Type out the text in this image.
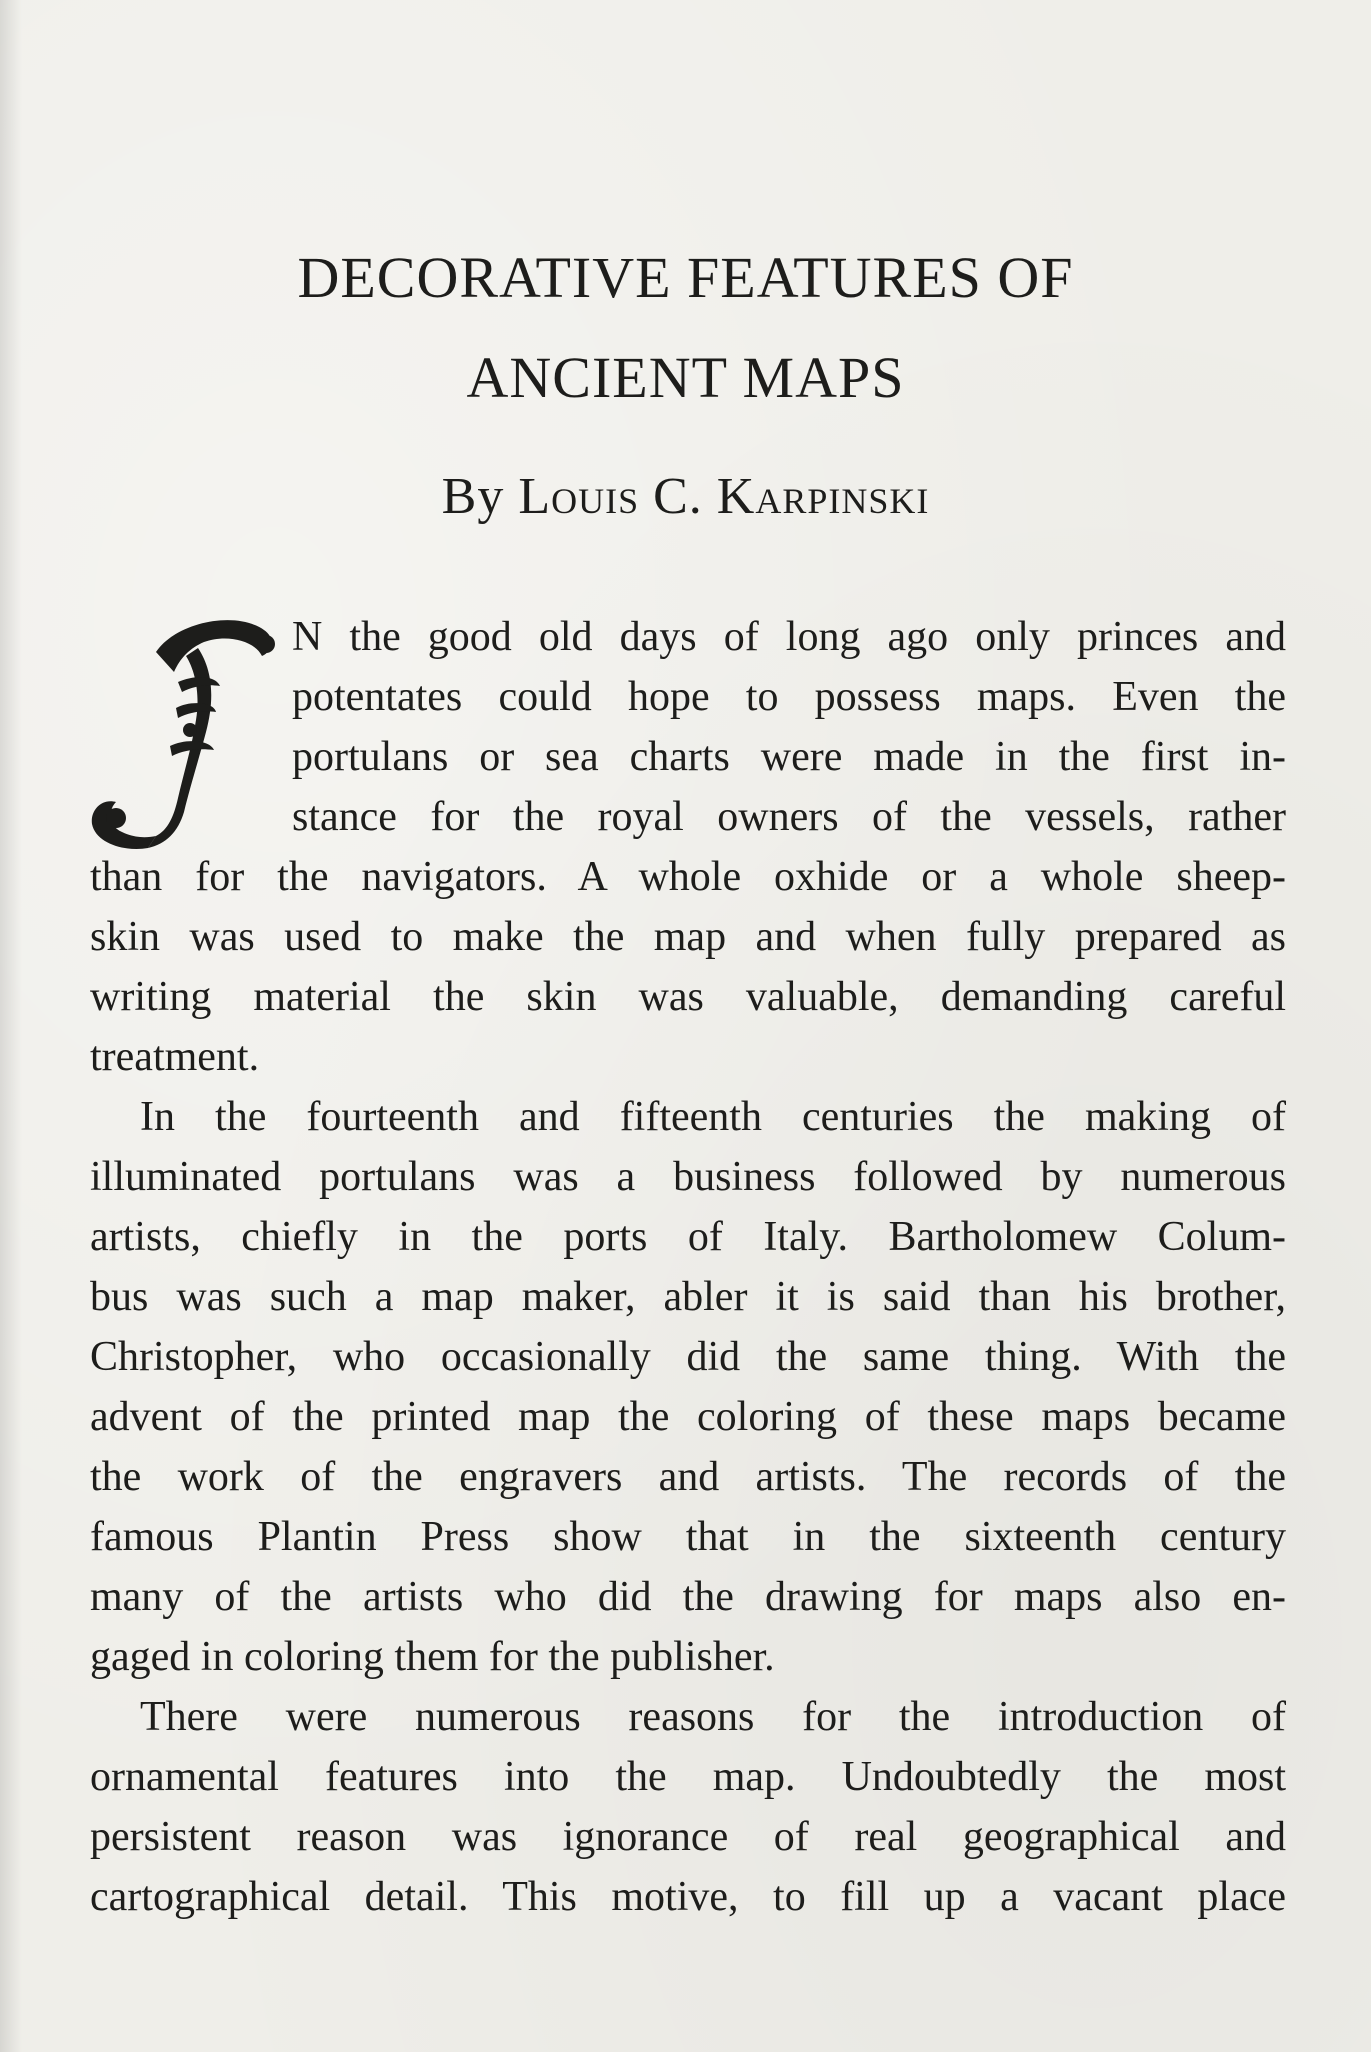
DECORATIVE FEATURES OF
ANCIENT MAPS
By Louis C. Karpinski
N the good old days of long ago only princes and
potentates could hope to possess maps. Even the
portulans or sea charts were made in the first in-
stance for the royal owners of the vessels, rather
than for the navigators. A whole oxhide or a whole sheep-
skin was used to make the map and when fully prepared as
writing material the skin was valuable, demanding careful
treatment.
In the fourteenth and fifteenth centuries the making of
illuminated portulans was a business followed by numerous
artists, chiefly in the ports of Italy. Bartholomew Colum-
bus was such a map maker, abler it is said than his brother,
Christopher, who occasionally did the same thing. With the
advent of the printed map the coloring of these maps became
the work of the engravers and artists. The records of the
famous Plantin Press show that in the sixteenth century
many of the artists who did the drawing for maps also en-
gaged in coloring them for the publisher.
There were numerous reasons for the introduction of
ornamental features into the map. Undoubtedly the most
persistent reason was ignorance of real geographical and
cartographical detail. This motive, to fill up a vacant place
